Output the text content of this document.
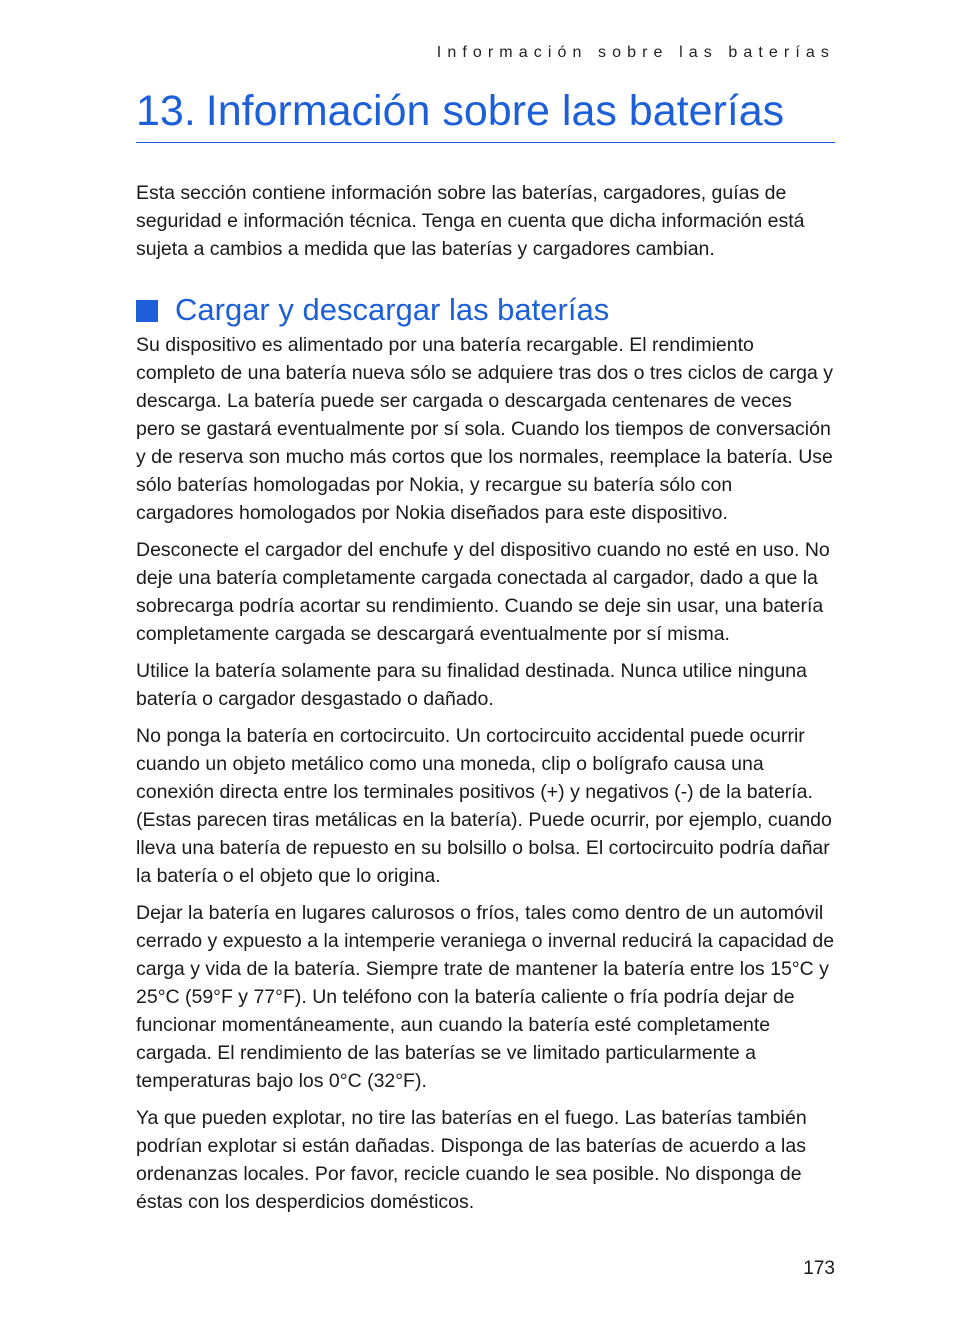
Información sobre las baterías
13. Información sobre las baterías

Esta sección contiene información sobre las baterías, cargadores, guías de seguridad e información técnica. Tenga en cuenta que dicha información está sujeta a cambios a medida que las baterías y cargadores cambian.

Cargar y descargar las baterías

Su dispositivo es alimentado por una batería recargable. El rendimiento completo de una batería nueva sólo se adquiere tras dos o tres ciclos de carga y descarga. La batería puede ser cargada o descargada centenares de veces pero se gastará eventualmente por sí sola. Cuando los tiempos de conversación y de reserva son mucho más cortos que los normales, reemplace la batería. Use sólo baterías homologadas por Nokia, y recargue su batería sólo con cargadores homologados por Nokia diseñados para este dispositivo.

Desconecte el cargador del enchufe y del dispositivo cuando no esté en uso. No deje una batería completamente cargada conectada al cargador, dado a que la sobrecarga podría acortar su rendimiento. Cuando se deje sin usar, una batería completamente cargada se descargará eventualmente por sí misma.

Utilice la batería solamente para su finalidad destinada. Nunca utilice ninguna batería o cargador desgastado o dañado.

No ponga la batería en cortocircuito. Un cortocircuito accidental puede ocurrir cuando un objeto metálico como una moneda, clip o bolígrafo causa una conexión directa entre los terminales positivos (+) y negativos (-) de la batería. (Estas parecen tiras metálicas en la batería). Puede ocurrir, por ejemplo, cuando lleva una batería de repuesto en su bolsillo o bolsa. El cortocircuito podría dañar la batería o el objeto que lo origina.

Dejar la batería en lugares calurosos o fríos, tales como dentro de un automóvil cerrado y expuesto a la intemperie veraniega o invernal reducirá la capacidad de carga y vida de la batería. Siempre trate de mantener la batería entre los 15°C y 25°C (59°F y 77°F). Un teléfono con la batería caliente o fría podría dejar de funcionar momentáneamente, aun cuando la batería esté completamente cargada. El rendimiento de las baterías se ve limitado particularmente a temperaturas bajo los 0°C (32°F).

Ya que pueden explotar, no tire las baterías en el fuego. Las baterías también podrían explotar si están dañadas. Disponga de las baterías de acuerdo a las ordenanzas locales. Por favor, recicle cuando le sea posible. No disponga de éstas con los desperdicios domésticos.

173
